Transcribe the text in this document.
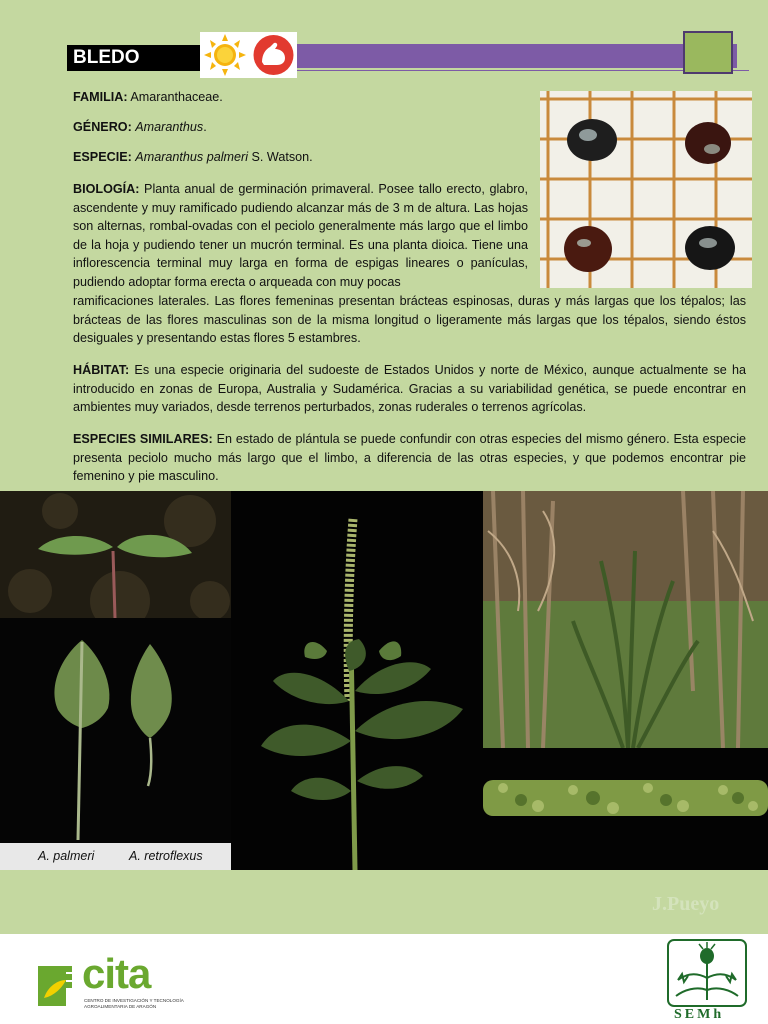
BLEDO

FAMILIA: Amaranthaceae.

GÉNERO: Amaranthus.

ESPECIE: Amaranthus palmeri S. Watson.

BIOLOGÍA: Planta anual de germinación primaveral. Posee tallo erecto, glabro, ascendente y muy ramificado pudiendo alcanzar más de 3 m de altura. Las hojas son alternas, rombal-ovadas con el peciolo generalmente más largo que el limbo de la hoja y pudiendo tener un mucrón terminal. Es una planta dioica. Tiene una inflorescencia terminal muy larga en forma de espigas lineares o panículas, pudiendo adoptar forma erecta o arqueada con muy pocas

ramificaciones laterales. Las flores femeninas presentan brácteas espinosas, duras y más largas que los tépalos; las brácteas de las flores masculinas son de la misma longitud o ligeramente más largas que los tépalos, siendo éstos desiguales y presentando estas flores 5 estambres.

HÁBITAT: Es una especie originaria del sudoeste de Estados Unidos y norte de México, aunque actualmente se ha introducido en zonas de Europa, Australia y Sudamérica. Gracias a su variabilidad genética, se puede encontrar en ambientes muy variados, desde terrenos perturbados, zonas ruderales o terrenos agrícolas.

ESPECIES SIMILARES: En estado de plántula se puede confundir con otras especies del mismo género. Esta especie presenta peciolo mucho más largo que el limbo, a diferencia de las otras especies, y que podemos encontrar pie femenino y pie masculino.

A. palmeri	A. retroflexus
J.Pueyo
cita
CENTRO DE INVESTIGACIÓN Y TECNOLOGÍA AGROALIMENTARIA DE ARAGÓN
SEMh
